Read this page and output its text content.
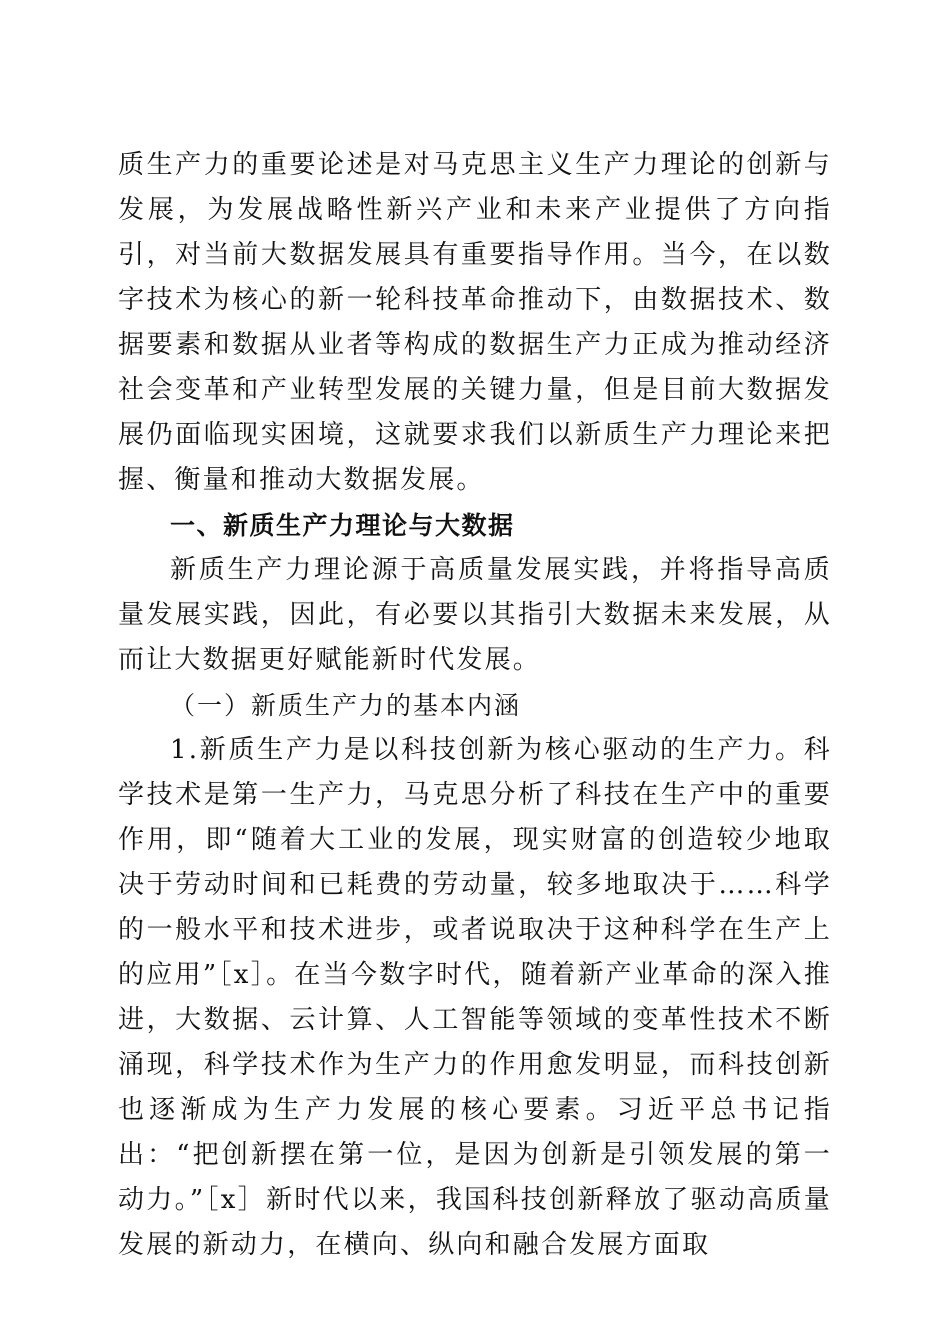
质生产力的重要论述是对马克思主义生产力理论的创新与发展，为发展战略性新兴产业和未来产业提供了方向指引，对当前大数据发展具有重要指导作用。当今，在以数字技术为核心的新一轮科技革命推动下，由数据技术、数据要素和数据从业者等构成的数据生产力正成为推动经济社会变革和产业转型发展的关键力量，但是目前大数据发展仍面临现实困境，这就要求我们以新质生产力理论来把握、衡量和推动大数据发展。

一、新质生产力理论与大数据

新质生产力理论源于高质量发展实践，并将指导高质量发展实践，因此，有必要以其指引大数据未来发展，从而让大数据更好赋能新时代发展。

（一）新质生产力的基本内涵

1.新质生产力是以科技创新为核心驱动的生产力。科学技术是第一生产力，马克思分析了科技在生产中的重要作用，即“随着大工业的发展，现实财富的创造较少地取决于劳动时间和已耗费的劳动量，较多地取决于……科学的一般水平和技术进步，或者说取决于这种科学在生产上的应用”［x］。在当今数字时代，随着新产业革命的深入推进，大数据、云计算、人工智能等领域的变革性技术不断涌现，科学技术作为生产力的作用愈发明显，而科技创新也逐渐成为生产力发展的核心要素。习近平总书记指出：“把创新摆在第一位，是因为创新是引领发展的第一动力。”［x］新时代以来，我国科技创新释放了驱动高质量发展的新动力，在横向、纵向和融合发展方面取
